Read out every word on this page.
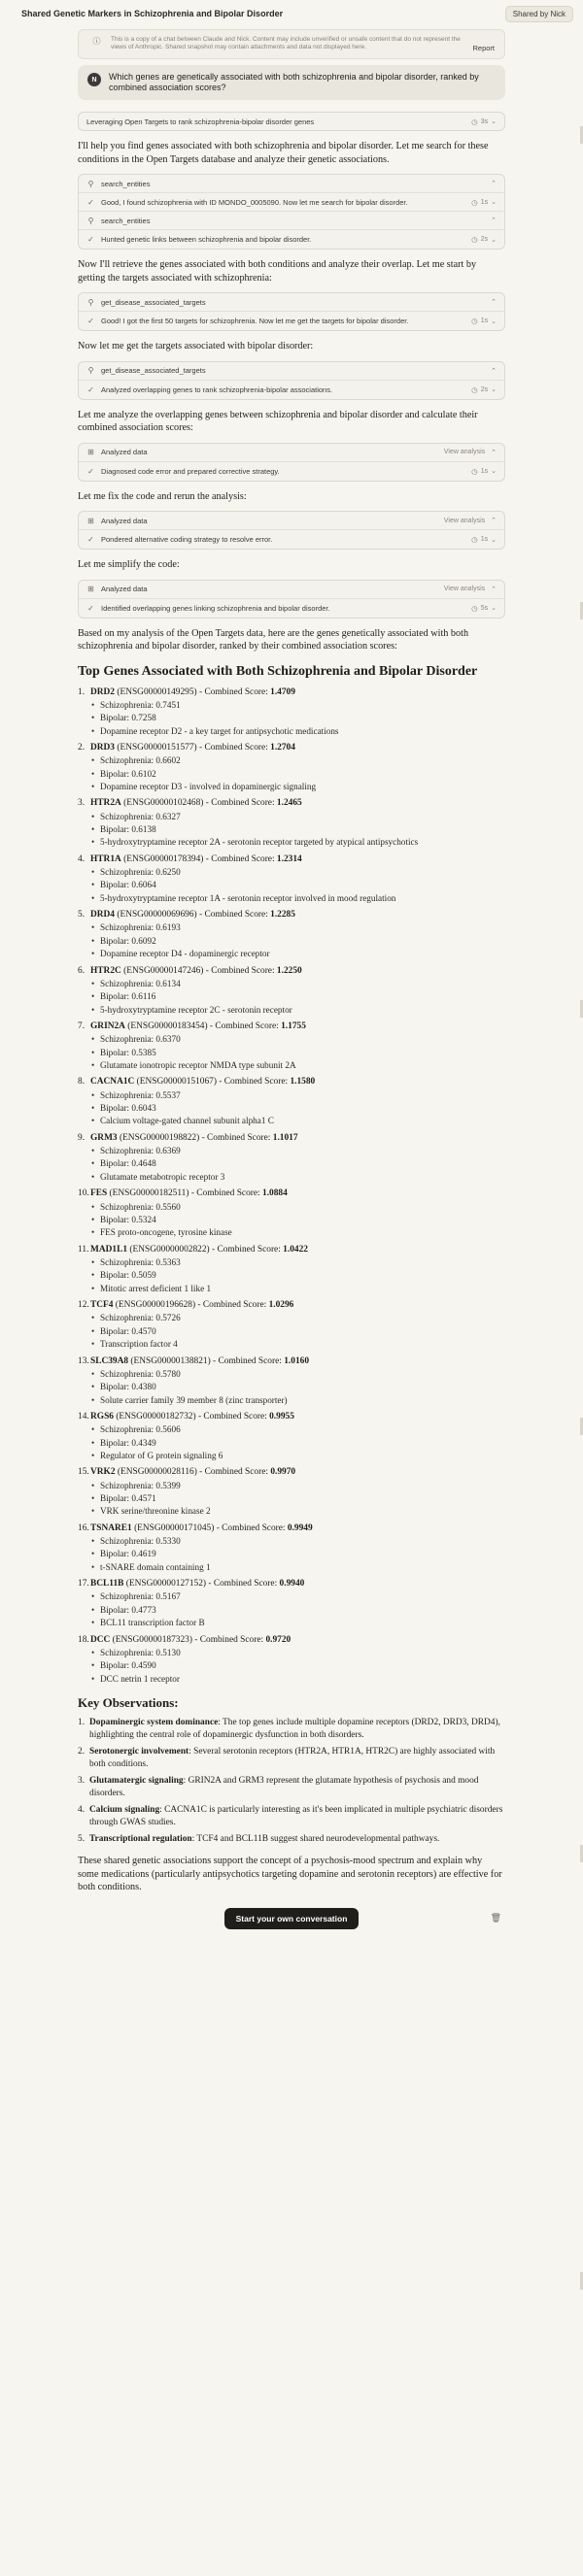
Shared Genetic Markers in Schizophrenia and Bipolar Disorder	Shared by Nick
ⓘ This is a copy of a chat between Claude and Nick. Content may include unverified or unsafe content that do not represent the views of Anthropic. Shared snapshot may contain attachments and data not displayed here.	Report
N	Which genes are genetically associated with both schizophrenia and bipolar disorder, ranked by combined association scores?
Leveraging Open Targets to rank schizophrenia-bipolar disorder genes	◷ 3s ⌄

I'll help you find genes associated with both schizophrenia and bipolar disorder. Let me search for these conditions in the Open Targets database and analyze their genetic associations.

⚲ search_entities	⌃
✓ Good, I found schizophrenia with ID MONDO_0005090. Now let me search for bipolar disorder.	◷ 1s ⌄
⚲ search_entities	⌃
✓ Hunted genetic links between schizophrenia and bipolar disorder.	◷ 2s ⌄

Now I'll retrieve the genes associated with both conditions and analyze their overlap. Let me start by getting the targets associated with schizophrenia:

⚲ get_disease_associated_targets	⌃
✓ Good! I got the first 50 targets for schizophrenia. Now let me get the targets for bipolar disorder.	◷ 1s ⌄

Now let me get the targets associated with bipolar disorder:

⚲ get_disease_associated_targets	⌃
✓ Analyzed overlapping genes to rank schizophrenia-bipolar associations.	◷ 2s ⌄

Let me analyze the overlapping genes between schizophrenia and bipolar disorder and calculate their combined association scores:

⊞ Analyzed data	View analysis ⌃
✓ Diagnosed code error and prepared corrective strategy.	◷ 1s ⌄

Let me fix the code and rerun the analysis:

⊞ Analyzed data	View analysis ⌃
✓ Pondered alternative coding strategy to resolve error.	◷ 1s ⌄

Let me simplify the code:

⊞ Analyzed data	View analysis ⌃
✓ Identified overlapping genes linking schizophrenia and bipolar disorder.	◷ 5s ⌄

Based on my analysis of the Open Targets data, here are the genes genetically associated with both schizophrenia and bipolar disorder, ranked by their combined association scores:

Top Genes Associated with Both Schizophrenia and Bipolar Disorder
1. DRD2 (ENSG00000149295) - Combined Score: 1.4709
• Schizophrenia: 0.7451
• Bipolar: 0.7258
• Dopamine receptor D2 - a key target for antipsychotic medications
2. DRD3 (ENSG00000151577) - Combined Score: 1.2704
• Schizophrenia: 0.6602
• Bipolar: 0.6102
• Dopamine receptor D3 - involved in dopaminergic signaling
3. HTR2A (ENSG00000102468) - Combined Score: 1.2465
• Schizophrenia: 0.6327
• Bipolar: 0.6138
• 5-hydroxytryptamine receptor 2A - serotonin receptor targeted by atypical antipsychotics
4. HTR1A (ENSG00000178394) - Combined Score: 1.2314
• Schizophrenia: 0.6250
• Bipolar: 0.6064
• 5-hydroxytryptamine receptor 1A - serotonin receptor involved in mood regulation
5. DRD4 (ENSG00000069696) - Combined Score: 1.2285
• Schizophrenia: 0.6193
• Bipolar: 0.6092
• Dopamine receptor D4 - dopaminergic receptor
6. HTR2C (ENSG00000147246) - Combined Score: 1.2250
• Schizophrenia: 0.6134
• Bipolar: 0.6116
• 5-hydroxytryptamine receptor 2C - serotonin receptor
7. GRIN2A (ENSG00000183454) - Combined Score: 1.1755
• Schizophrenia: 0.6370
• Bipolar: 0.5385
• Glutamate ionotropic receptor NMDA type subunit 2A
8. CACNA1C (ENSG00000151067) - Combined Score: 1.1580
• Schizophrenia: 0.5537
• Bipolar: 0.6043
• Calcium voltage-gated channel subunit alpha1 C
9. GRM3 (ENSG00000198822) - Combined Score: 1.1017
• Schizophrenia: 0.6369
• Bipolar: 0.4648
• Glutamate metabotropic receptor 3
10. FES (ENSG00000182511) - Combined Score: 1.0884
• Schizophrenia: 0.5560
• Bipolar: 0.5324
• FES proto-oncogene, tyrosine kinase
11. MAD1L1 (ENSG00000002822) - Combined Score: 1.0422
• Schizophrenia: 0.5363
• Bipolar: 0.5059
• Mitotic arrest deficient 1 like 1
12. TCF4 (ENSG00000196628) - Combined Score: 1.0296
• Schizophrenia: 0.5726
• Bipolar: 0.4570
• Transcription factor 4
13. SLC39A8 (ENSG00000138821) - Combined Score: 1.0160
• Schizophrenia: 0.5780
• Bipolar: 0.4380
• Solute carrier family 39 member 8 (zinc transporter)
14. RGS6 (ENSG00000182732) - Combined Score: 0.9955
• Schizophrenia: 0.5606
• Bipolar: 0.4349
• Regulator of G protein signaling 6
15. VRK2 (ENSG00000028116) - Combined Score: 0.9970
• Schizophrenia: 0.5399
• Bipolar: 0.4571
• VRK serine/threonine kinase 2
16. TSNARE1 (ENSG00000171045) - Combined Score: 0.9949
• Schizophrenia: 0.5330
• Bipolar: 0.4619
• t-SNARE domain containing 1
17. BCL11B (ENSG00000127152) - Combined Score: 0.9940
• Schizophrenia: 0.5167
• Bipolar: 0.4773
• BCL11 transcription factor B
18. DCC (ENSG00000187323) - Combined Score: 0.9720
• Schizophrenia: 0.5130
• Bipolar: 0.4590
• DCC netrin 1 receptor
Key Observations:
1. Dopaminergic system dominance: The top genes include multiple dopamine receptors (DRD2, DRD3, DRD4), highlighting the central role of dopaminergic dysfunction in both disorders.
2. Serotonergic involvement: Several serotonin receptors (HTR2A, HTR1A, HTR2C) are highly associated with both conditions.
3. Glutamatergic signaling: GRIN2A and GRM3 represent the glutamate hypothesis of psychosis and mood disorders.
4. Calcium signaling: CACNA1C is particularly interesting as it's been implicated in multiple psychiatric disorders through GWAS studies.
5. Transcriptional regulation: TCF4 and BCL11B suggest shared neurodevelopmental pathways.

These shared genetic associations support the concept of a psychosis-mood spectrum and explain why some medications (particularly antipsychotics targeting dopamine and serotonin receptors) are effective for both conditions.

Start your own conversation	🗑
